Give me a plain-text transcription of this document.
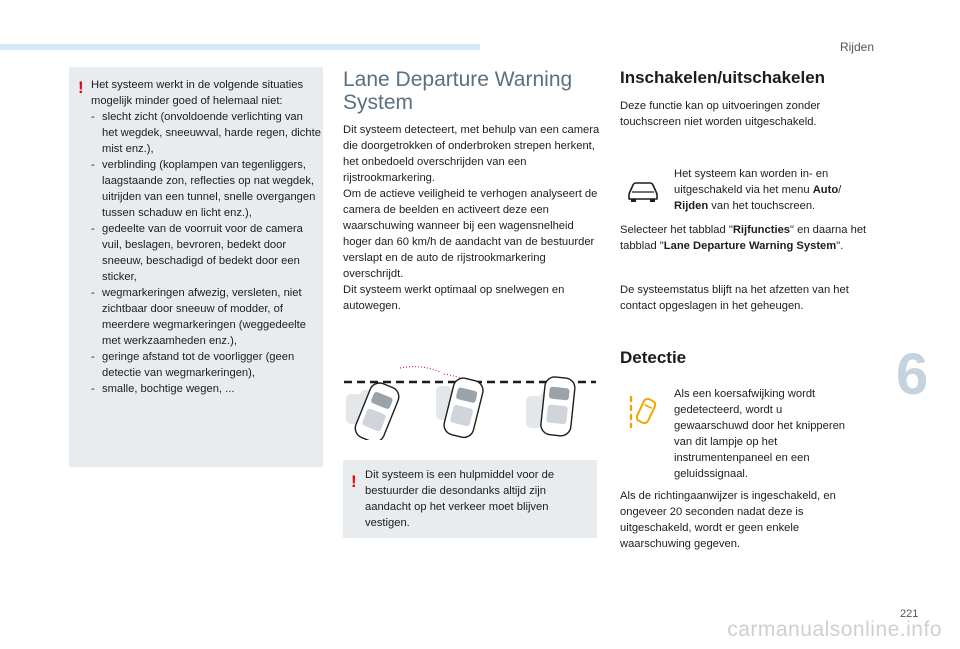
Rijden
6
221
carmanualsonline.info
! Het systeem werkt in de volgende situaties mogelijk minder goed of helemaal niet:
- slecht zicht (onvoldoende verlichting van het wegdek, sneeuwval, harde regen, dichte mist enz.),
- verblinding (koplampen van tegenliggers, laagstaande zon, reflecties op nat wegdek, uitrijden van een tunnel, snelle overgangen tussen schaduw en licht enz.),
- gedeelte van de voorruit voor de camera vuil, beslagen, bevroren, bedekt door sneeuw, beschadigd of bedekt door een sticker,
- wegmarkeringen afwezig, versleten, niet zichtbaar door sneeuw of modder, of meerdere wegmarkeringen (weggedeelte met werkzaamheden enz.),
- geringe afstand tot de voorligger (geen detectie van wegmarkeringen),
- smalle, bochtige wegen, ...
Lane Departure Warning System

Dit systeem detecteert, met behulp van een camera die doorgetrokken of onderbroken strepen herkent, het onbedoeld overschrijden van een rijstrookmarkering.

Om de actieve veiligheid te verhogen analyseert de camera de beelden en activeert deze een waarschuwing wanneer bij een wagensnelheid hoger dan 60 km/h de aandacht van de bestuurder verslapt en de auto de rijstrookmarkering overschrijdt.

Dit systeem werkt optimaal op snelwegen en autowegen.

! Dit systeem is een hulpmiddel voor de bestuurder die desondanks altijd zijn aandacht op het verkeer moet blijven vestigen.
Inschakelen/uitschakelen

Deze functie kan op uitvoeringen zonder touchscreen niet worden uitgeschakeld.

Het systeem kan worden in- en uitgeschakeld via het menu Auto/ Rijden van het touchscreen.

Selecteer het tabblad "Rijfuncties" en daarna het tabblad "Lane Departure Warning System".

De systeemstatus blijft na het afzetten van het contact opgeslagen in het geheugen.

Detectie

Als een koersafwijking wordt gedetecteerd, wordt u gewaarschuwd door het knipperen van dit lampje op het instrumentenpaneel en een geluidssignaal.

Als de richtingaanwijzer is ingeschakeld, en ongeveer 20 seconden nadat deze is uitgeschakeld, wordt er geen enkele waarschuwing gegeven.
